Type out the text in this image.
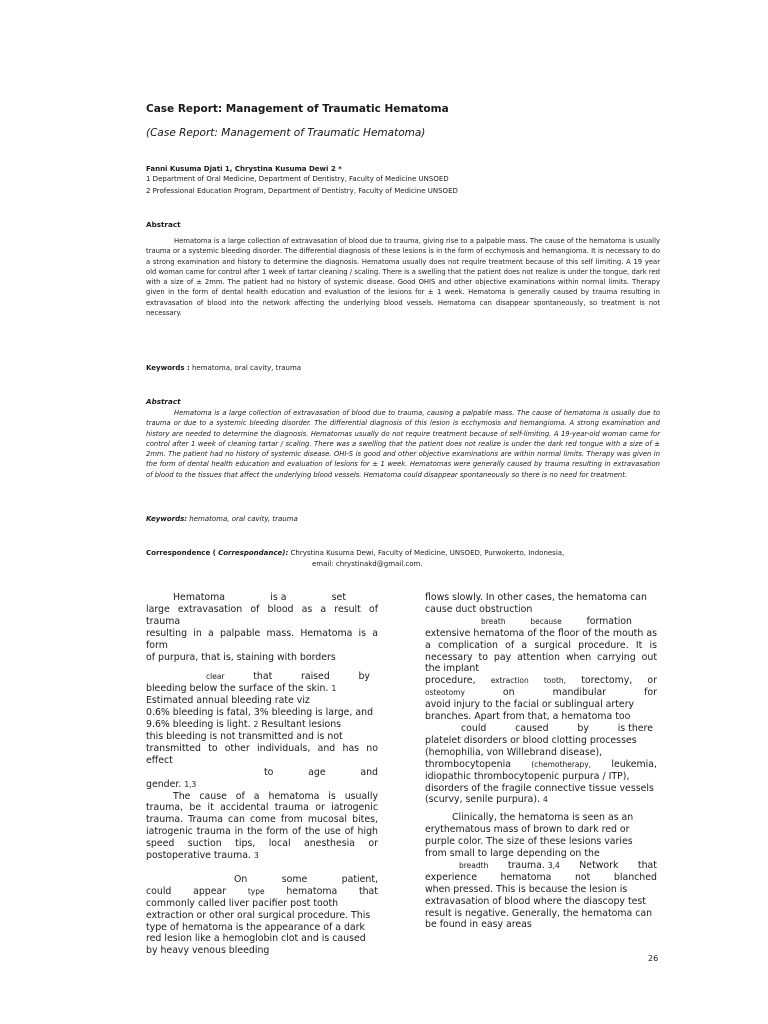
Case Report: Management of Traumatic Hematoma
(Case Report: Management of Traumatic Hematoma)
Fanni Kusuma Djati 1, Chrystina Kusuma Dewi 2 *
1 Department of Oral Medicine, Department of Dentistry, Faculty of Medicine UNSOED
2 Professional Education Program, Department of Dentistry, Faculty of Medicine UNSOED
Abstract
Hematoma is a large collection of extravasation of blood due to trauma, giving rise to a palpable mass. The cause of the hematoma is usually trauma or a systemic bleeding disorder. The differential diagnosis of these lesions is in the form of ecchymosis and hemangioma. It is necessary to do a strong examination and history to determine the diagnosis. Hematoma usually does not require treatment because of this self limiting. A 19 year old woman came for control after 1 week of tartar cleaning / scaling. There is a swelling that the patient does not realize is under the tongue, dark red with a size of ± 2mm. The patient had no history of systemic disease. Good OHIS and other objective examinations within normal limits. Therapy given in the form of dental health education and evaluation of the lesions for ± 1 week. Hematoma is generally caused by trauma resulting in extravasation of blood into the network affecting the underlying blood vessels. Hematoma can disappear spontaneously, so treatment is not necessary.
Keywords : hematoma, oral cavity, trauma
Abstract
Hematoma is a large collection of extravasation of blood due to trauma, causing a palpable mass. The cause of hematoma is usually due to trauma or due to a systemic bleeding disorder. The differential diagnosis of this lesion is ecchymosis and hemangioma. A strong examination and history are needed to determine the diagnosis. Hematomas usually do not require treatment because of self-limiting. A 19-year-old woman came for control after 1 week of cleaning tartar / scaling. There was a swelling that the patient does not realize is under the dark red tongue with a size of ± 2mm. The patient had no history of systemic disease. OHI-S is good and other objective examinations are within normal limits. Therapy was given in the form of dental health education and evaluation of lesions for ± 1 week. Hematomas were generally caused by trauma resulting in extravasation of blood to the tissues that affect the underlying blood vessels. Hematoma could disappear spontaneously so there is no need for treatment.
Keywords: hematoma, oral cavity, trauma
Correspondence ( Correspondance): Chrystina Kusuma Dewi, Faculty of Medicine, UNSOED, Purwokerto, Indonesia,
email: chrystinakd@gmail.com.
Hematoma	is a	set
large extravasation of blood as a result of trauma
resulting in a palpable mass. Hematoma is a form
of purpura, that is, staining with borders
clear	that	raised	by
bleeding below the surface of the skin. 1
Estimated annual bleeding rate viz
0.6% bleeding is fatal, 3% bleeding is large, and
9.6% bleeding is light. 2 Resultant lesions
this bleeding is not transmitted and is not
transmitted to other individuals, and has no effect
to	age	and
gender. 1,3

The cause of a hematoma is usually trauma, be it accidental trauma or iatrogenic trauma. Trauma can come from mucosal bites, iatrogenic trauma in the form of the use of high speed suction tips, local anesthesia or postoperative trauma. 3

On	some	patient,
could appear	type hematoma that

commonly called liver pacifier post tooth extraction or other oral surgical procedure. This type of hematoma is the appearance of a dark red lesion like a hemoglobin clot and is caused by heavy venous bleeding

flows slowly. In other cases, the hematoma can
cause duct obstruction
breath	because	formation

extensive hematoma of the floor of the mouth as a complication of a surgical procedure. It is necessary to pay attention when carrying out the implant

procedure, extraction tooth, torectomy, or
osteotomy	on	mandibular	for

avoid injury to the facial or sublingual artery branches. Apart from that, a hematoma too

could	caused	by	is there

platelet disorders or blood clotting processes (hemophilia, von Willebrand disease),

thrombocytopenia	(chemotherapy, leukemia,

idiopathic thrombocytopenic purpura / ITP), disorders of the fragile connective tissue vessels (scurvy, senile purpura). 4

Clinically, the hematoma is seen as an erythematous mass of brown to dark red or purple color. The size of these lesions varies from small to large depending on the

breadth trauma. 3,4 Network that
experience	hematoma	not	blanched

when pressed. This is because the lesion is extravasation of blood where the diascopy test result is negative. Generally, the hematoma can be found in easy areas

26
